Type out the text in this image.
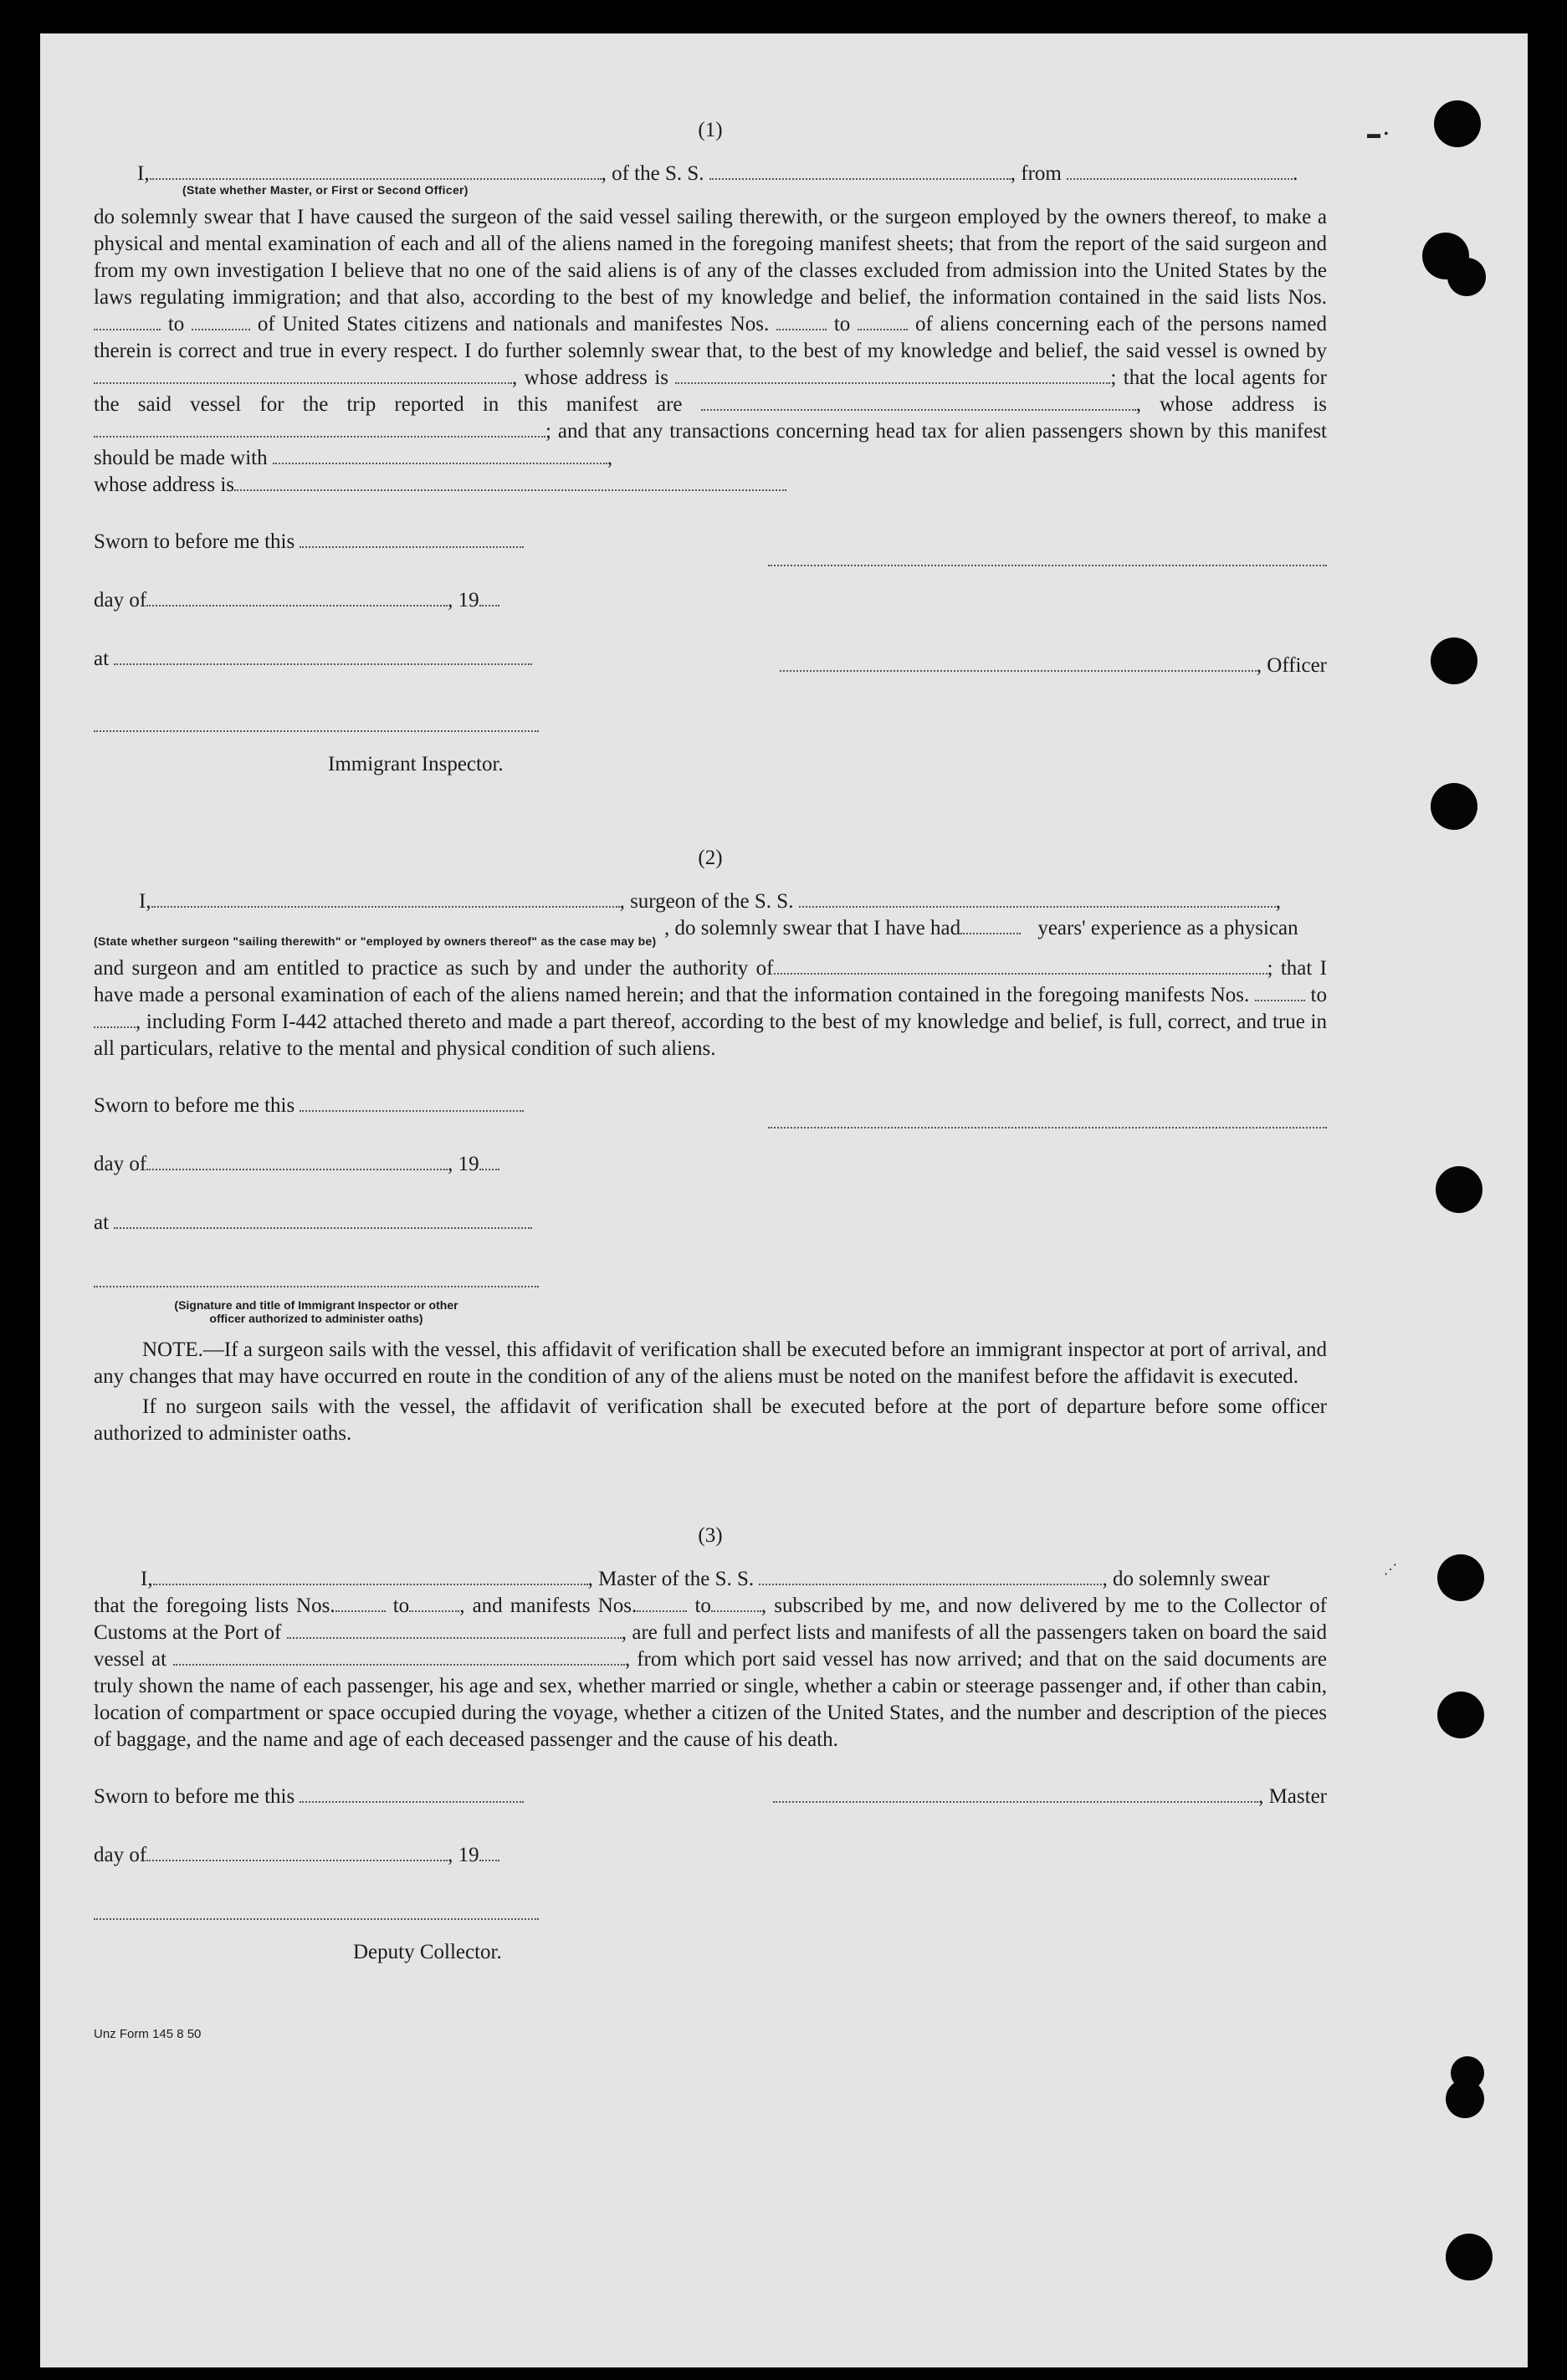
▬ •
⋰
(1)

I,	, of the S. S.	, from	.

(State whether Master, or First or Second Officer)

do solemnly swear that I have caused the surgeon of the said vessel sailing therewith, or the surgeon employed by the owners thereof, to make a physical and mental examination of each and all of the aliens named in the foregoing manifest sheets; that from the report of the said surgeon and from my own investigation I believe that no one of the said aliens is of any of the classes excluded from admission into the United States by the laws regulating immigration; and that also, according to the best of my knowledge and belief, the information contained in the said lists Nos.  to	of United States citizens and nationals and manifestes Nos.	to	of aliens concerning each of the persons named therein is correct and true in every respect. I do further solemnly swear that, to the best of my knowledge and belief, the said vessel is owned by , whose address is	; that the local agents for the said vessel for the trip reported in this manifest are	, whose address is ; and that any transactions concerning head tax for alien passengers shown by this manifest should be made with	,

whose address is

Sworn to before me this
day of	, 19
at	, Officer
Immigrant Inspector.
(2)

I,	, surgeon of the S. S.	,

, do solemnly swear that I have had	years' experience as a physican

(State whether surgeon "sailing therewith" or "employed by owners thereof" as the case may be)

and surgeon and am entitled to practice as such by and under the authority of	; that I have made a personal examination of each of the aliens named herein; and that the information contained in the foregoing manifests Nos.	to , including Form I-442 attached thereto and made a part thereof, according to the best of my knowledge and belief, is full, correct, and true in all particulars, relative to the mental and physical condition of such aliens.

Sworn to before me this
day of	, 19
at
(Signature and title of Immigrant Inspector or other
officer authorized to administer oaths)

NOTE.—If a surgeon sails with the vessel, this affidavit of verification shall be executed before an immigrant inspector at port of arrival, and any changes that may have occurred en route in the condition of any of the aliens must be noted on the manifest before the affidavit is executed.

If no surgeon sails with the vessel, the affidavit of verification shall be executed before at the port of departure before some officer authorized to administer oaths.

(3)

I,	, Master of the S. S.	, do solemnly swear

that the foregoing lists Nos.	to , and manifests Nos.	to , subscribed by me, and now delivered by me to the Collector of Customs at the Port of	, are full and perfect lists and manifests of all the passengers taken on board the said vessel at	, from which port said vessel has now arrived; and that on the said documents are truly shown the name of each passenger, his age and sex, whether married or single, whether a cabin or steerage passenger and, if other than cabin, location of compartment or space occupied during the voyage, whether a citizen of the United States, and the number and description of the pieces of baggage, and the name and age of each deceased passenger and the cause of his death.

Sworn to before me this	, Master
day of	, 19
Deputy Collector.
Unz Form 145 8 50
